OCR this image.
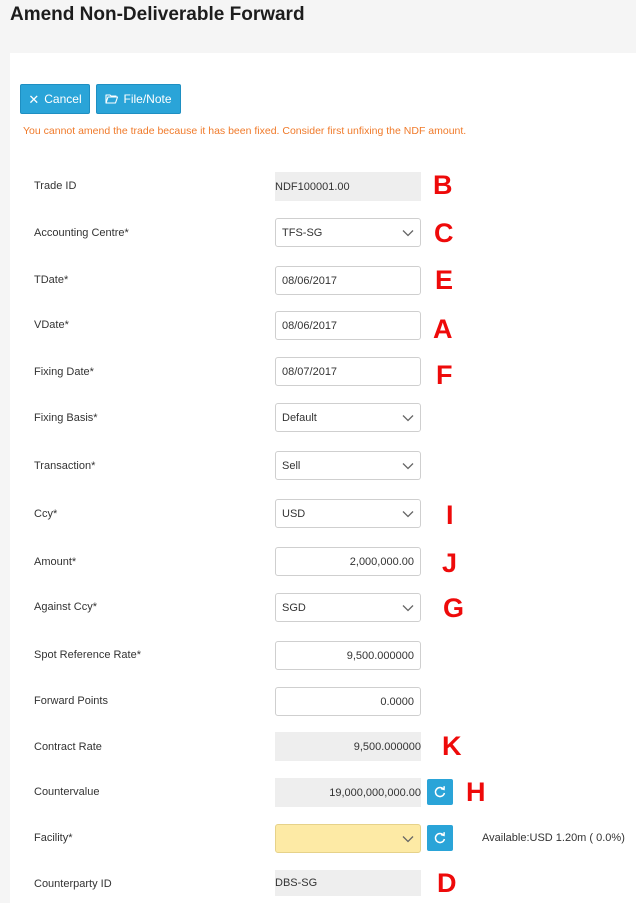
Amend Non-Deliverable Forward
✕ Cancel	File/Note
You cannot amend the trade because it has been fixed. Consider first unfixing the NDF amount.
Trade ID	NDF100001.00	B
Accounting Centre*	TFS-SG	C
TDate*	08/06/2017	E
VDate*	08/06/2017	A
Fixing Date*	08/07/2017	F
Fixing Basis*	Default
Transaction*	Sell
Ccy*	USD	I
Amount*	2,000,000.00 J
Against Ccy*	SGD	G
Spot Reference Rate*	9,500.000000
Forward Points	0.0000
Contract Rate	9,500.000000 K
Countervalue	19,000,000,000.00 H
Facility*	Available:USD 1.20m ( 0.0%)
Counterparty ID	DBS-SG	D
